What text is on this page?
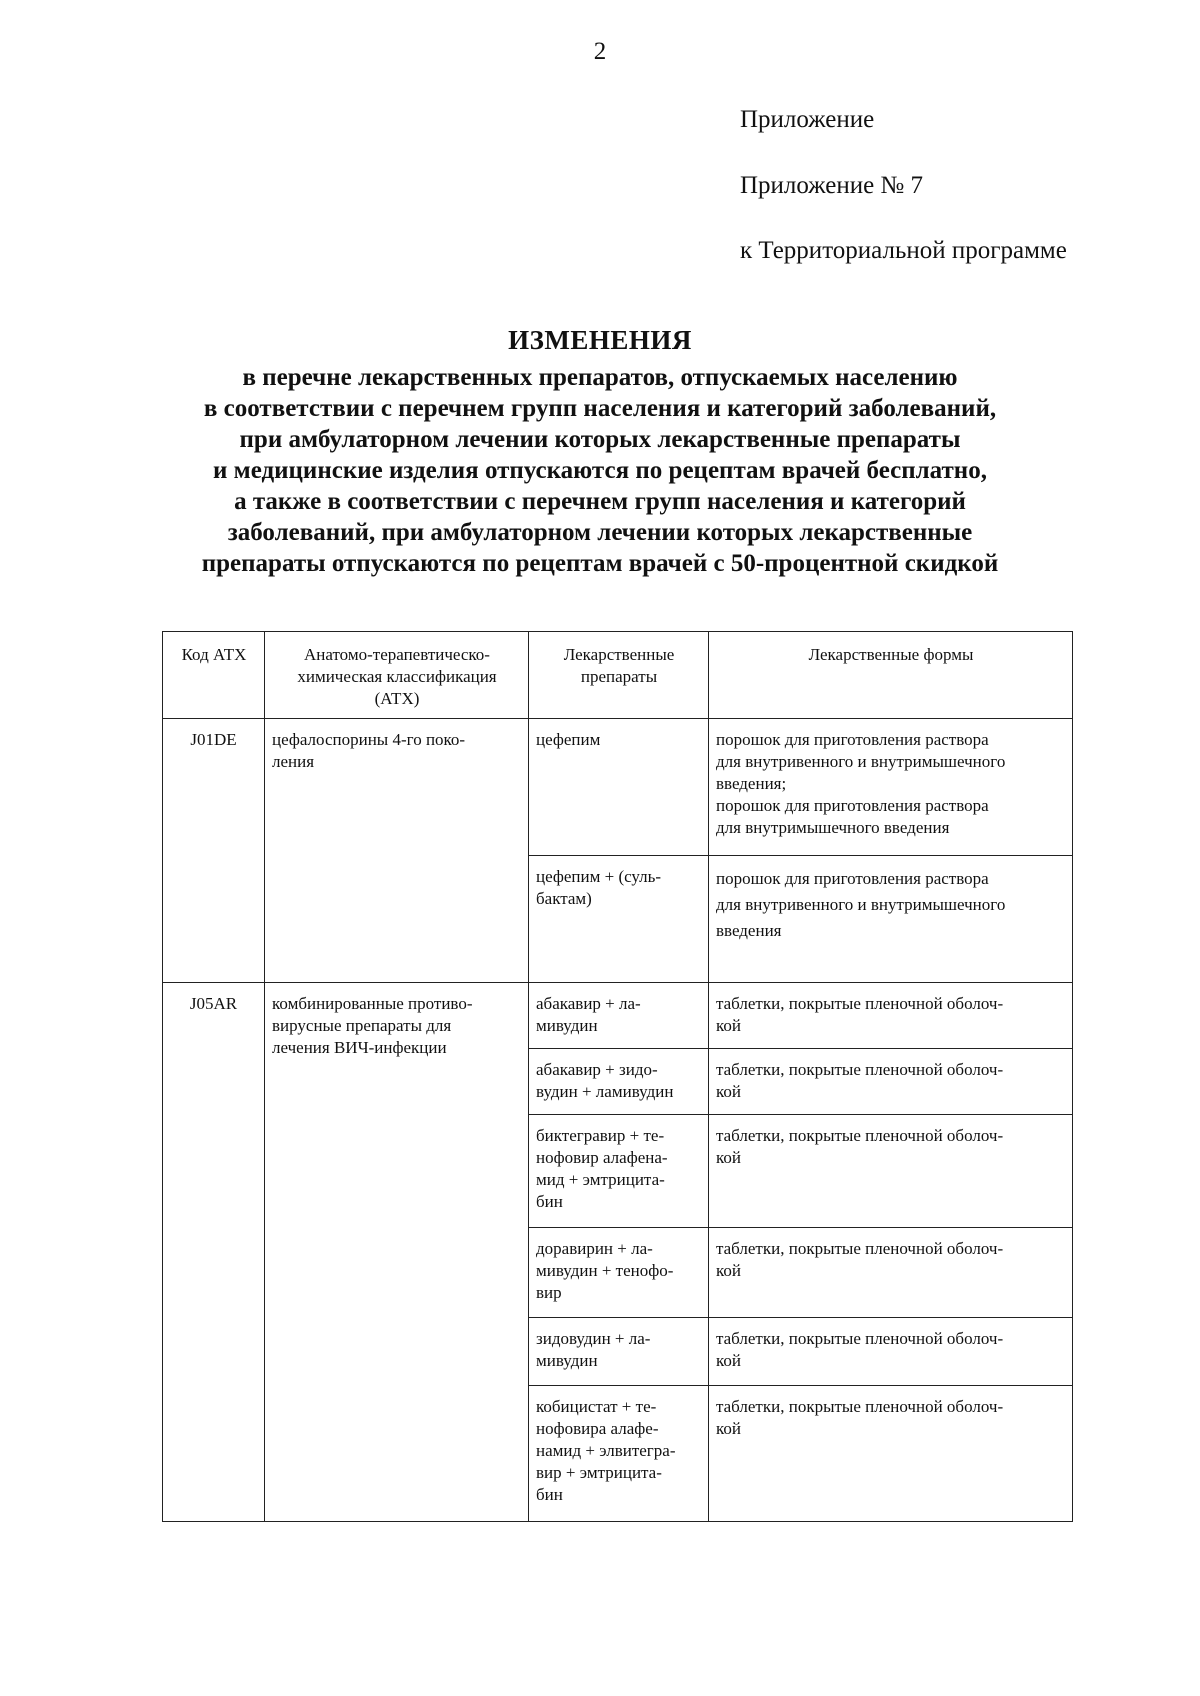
2
Приложение
Приложение № 7
к Территориальной программе
ИЗМЕНЕНИЯ
в перечне лекарственных препаратов, отпускаемых населению
в соответствии с перечнем групп населения и категорий заболеваний,
при амбулаторном лечении которых лекарственные препараты
и медицинские изделия отпускаются по рецептам врачей бесплатно,
а также в соответствии с перечнем групп населения и категорий
заболеваний, при амбулаторном лечении которых лекарственные
препараты отпускаются по рецептам врачей с 50-процентной скидкой
Код АТХ	Анатомо-терапевтическо-
химическая классификация
(АТХ)	Лекарственные
препараты	Лекарственные формы
J01DE	цефалоспорины 4-го поко-
ления	цефепим	порошок для приготовления раствора
для внутривенного и внутримышечного
введения;
порошок для приготовления раствора
для внутримышечного введения

		цефепим + (суль-
бактам)	порошок для приготовления раствора
для внутривенного и внутримышечного
введения

J05AR	комбинированные противо-
вирусные препараты для
лечения ВИЧ-инфекции	абакавир + ла-
мивудин	таблетки, покрытые пленочной оболоч-
кой

		абакавир + зидо-
вудин + ламивудин	таблетки, покрытые пленочной оболоч-
кой

		биктегравир + те-
нофовир алафена-
мид + эмтрицита-
бин	таблетки, покрытые пленочной оболоч-
кой

		доравирин + ла-
мивудин + тенофо-
вир	таблетки, покрытые пленочной оболоч-
кой

		зидовудин + ла-
мивудин	таблетки, покрытые пленочной оболоч-
кой

		кобицистат + те-
нофовира алафе-
намид + элвитегра-
вир + эмтрицита-
бин	таблетки, покрытые пленочной оболоч-
кой
